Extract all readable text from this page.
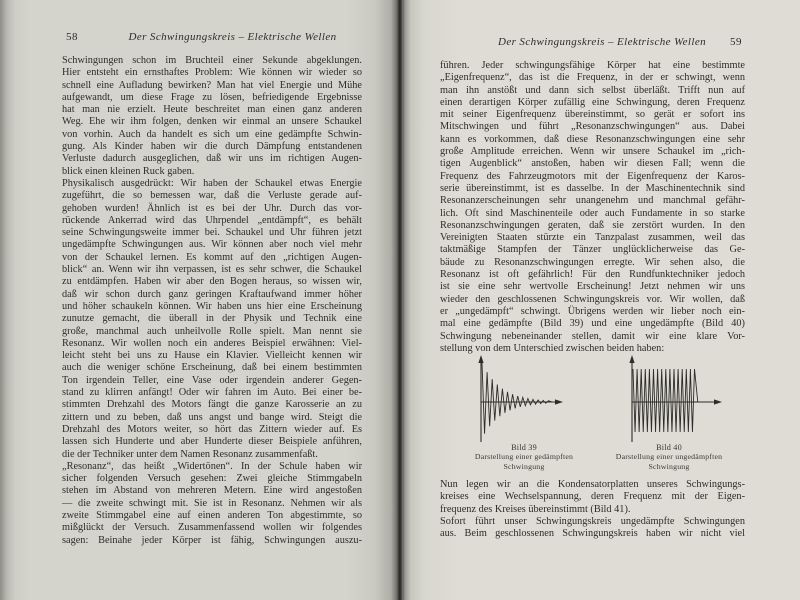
58	Der Schwingungskreis – Elektrische Wellen
Schwingungen schon im Bruchteil einer Sekunde abgeklungen.
Hier entsteht ein ernsthaftes Problem: Wie können wir wieder so
schnell eine Aufladung bewirken? Man hat viel Energie und Mühe
aufgewandt, um diese Frage zu lösen, befriedigende Ergebnisse
hat man nie erzielt. Heute beschreitet man einen ganz anderen
Weg. Ehe wir ihm folgen, denken wir einmal an unsere Schaukel
von vorhin. Auch da handelt es sich um eine gedämpfte Schwin-
gung. Als Kinder haben wir die durch Dämpfung entstandenen
Verluste dadurch ausgeglichen, daß wir uns im richtigen Augen-
blick einen kleinen Ruck gaben.
Physikalisch ausgedrückt: Wir haben der Schaukel etwas Energie
zugeführt, die so bemessen war, daß die Verluste gerade auf-
gehoben wurden! Ähnlich ist es bei der Uhr. Durch das vor-
rückende Ankerrad wird das Uhrpendel „entdämpft“, es behält
seine Schwingungsweite immer bei. Schaukel und Uhr führen jetzt
ungedämpfte Schwingungen aus. Wir können aber noch viel mehr
von der Schaukel lernen. Es kommt auf den „richtigen Augen-
blick“ an. Wenn wir ihn verpassen, ist es sehr schwer, die Schaukel
zu entdämpfen. Haben wir aber den Bogen heraus, so wissen wir,
daß wir schon durch ganz geringen Kraftaufwand immer höher
und höher schaukeln können. Wir haben uns hier eine Erscheinung
zunutze gemacht, die überall in der Physik und Technik eine
große, manchmal auch unheilvolle Rolle spielt. Man nennt sie
Resonanz. Wir wollen noch ein anderes Beispiel erwähnen: Viel-
leicht steht bei uns zu Hause ein Klavier. Vielleicht kennen wir
auch die weniger schöne Erscheinung, daß bei einem bestimmten
Ton irgendein Teller, eine Vase oder irgendein anderer Gegen-
stand zu klirren anfängt! Oder wir fahren im Auto. Bei einer be-
stimmten Drehzahl des Motors fängt die ganze Karosserie an zu
zittern und zu beben, daß uns angst und bange wird. Steigt die
Drehzahl des Motors weiter, so hört das Zittern wieder auf. Es
lassen sich Hunderte und aber Hunderte dieser Beispiele anführen,
die der Techniker unter dem Namen Resonanz zusammenfaßt.
„Resonanz“, das heißt „Widertönen“. In der Schule haben wir
sicher folgenden Versuch gesehen: Zwei gleiche Stimmgabeln
stehen im Abstand von mehreren Metern. Eine wird angestoßen
— die zweite schwingt mit. Sie ist in Resonanz. Nehmen wir als
zweite Stimmgabel eine auf einen anderen Ton abgestimmte, so
mißglückt der Versuch. Zusammenfassend wollen wir folgendes
sagen: Beinahe jeder Körper ist fähig, Schwingungen auszu-
Der Schwingungskreis – Elektrische Wellen	59
führen. Jeder schwingungsfähige Körper hat eine bestimmte
„Eigenfrequenz“, das ist die Frequenz, in der er schwingt, wenn
man ihn anstößt und dann sich selbst überläßt. Trifft nun auf
einen derartigen Körper zufällig eine Schwingung, deren Frequenz
mit seiner Eigenfrequenz übereinstimmt, so gerät er sofort ins
Mitschwingen und führt „Resonanzschwingungen“ aus. Dabei
kann es vorkommen, daß diese Resonanzschwingungen eine sehr
große Amplitude erreichen. Wenn wir unsere Schaukel im „rich-
tigen Augenblick“ anstoßen, haben wir diesen Fall; wenn die
Frequenz des Fahrzeugmotors mit der Eigenfrequenz der Karos-
serie übereinstimmt, ist es dasselbe. In der Maschinentechnik sind
Resonanzerscheinungen sehr unangenehm und manchmal gefähr-
lich. Oft sind Maschinenteile oder auch Fundamente in so starke
Resonanzschwingungen geraten, daß sie zerstört wurden. In den
Vereinigten Staaten stürzte ein Tanzpalast zusammen, weil das
taktmäßige Stampfen der Tänzer unglücklicherweise das Ge-
bäude zu Resonanzschwingungen erregte. Wir sehen also, die
Resonanz ist oft gefährlich! Für den Rundfunktechniker jedoch
ist sie eine sehr wertvolle Erscheinung! Jetzt nehmen wir uns
wieder den geschlossenen Schwingungskreis vor. Wir wollen, daß
er „ungedämpft“ schwingt. Übrigens werden wir lieber noch ein-
mal eine gedämpfte (Bild 39) und eine ungedämpfte (Bild 40)
Schwingung nebeneinander stellen, damit wir eine klare Vor-
stellung von dem Unterschied zwischen beiden haben:
Bild 39
Darstellung einer gedämpften
Schwingung
Bild 40
Darstellung einer ungedämpften
Schwingung
Nun legen wir an die Kondensatorplatten unseres Schwingungs-
kreises eine Wechselspannung, deren Frequenz mit der Eigen-
frequenz des Kreises übereinstimmt (Bild 41).
Sofort führt unser Schwingungskreis ungedämpfte Schwingungen
aus. Beim geschlossenen Schwingungskreis haben wir nicht viel
